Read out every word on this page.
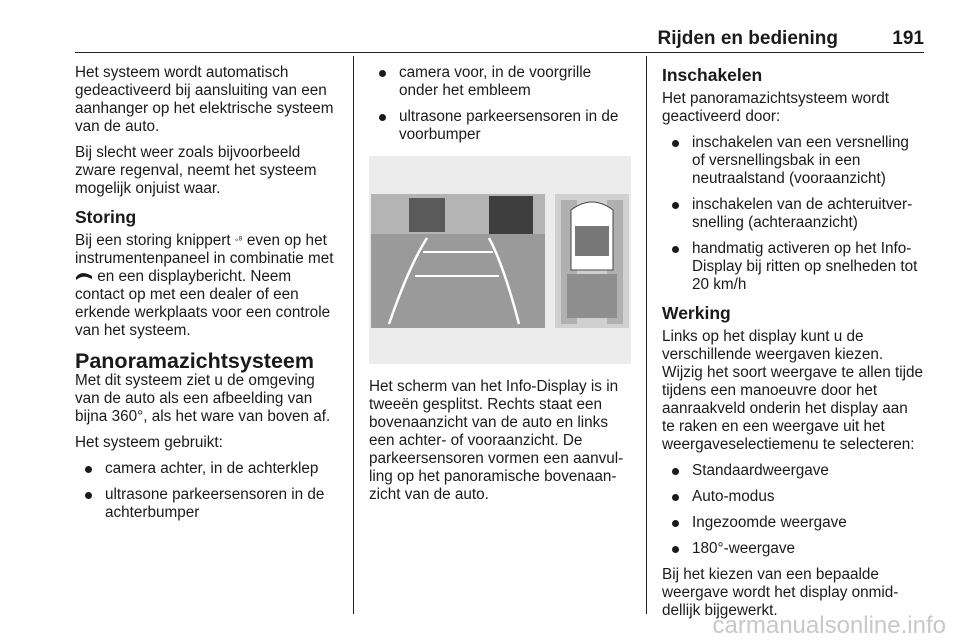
Rijden en bediening	191

Het systeem wordt automatisch gedeactiveerd bij aansluiting van een aanhanger op het elektrische systeem van de auto.

Bij slecht weer zoals bijvoorbeeld zware regenval, neemt het systeem mogelijk onjuist waar.

Storing

Bij een storing knippert ◦⁸ even op het instrumentenpaneel in combinatie met  en een displaybericht. Neem contact op met een dealer of een erkende werkplaats voor een controle van het systeem.

Panoramazichtsysteem

Met dit systeem ziet u de omgeving van de auto als een afbeelding van bijna 360°, als het ware van boven af.

Het systeem gebruikt:

camera achter, in de achterklep
ultrasone parkeersensoren in de achterbumper
camera voor, in de voorgrille onder het embleem
ultrasone parkeersensoren in de voorbumper

Het scherm van het Info-Display is in tweeën gesplitst. Rechts staat een bovenaanzicht van de auto en links een achter- of vooraanzicht. De parkeersensoren vormen een aanvul-ling op het panoramische bovenaan-zicht van de auto.

Inschakelen

Het panoramazichtsysteem wordt geactiveerd door:

inschakelen van een versnelling of versnellingsbak in een neutraalstand (vooraanzicht)
inschakelen van de achteruitver-snelling (achteraanzicht)
handmatig activeren op het Info-Display bij ritten op snelheden tot 20 km/h
Werking

Links op het display kunt u de verschillende weergaven kiezen. Wijzig het soort weergave te allen tijde tijdens een manoeuvre door het aanraakveld onderin het display aan te raken en een weergave uit het weergaveselectiemenu te selecteren:

Standaardweergave
Auto-modus
Ingezoomde weergave
180°-weergave

Bij het kiezen van een bepaalde weergave wordt het display onmid-dellijk bijgewerkt.

carmanualsonline.info
